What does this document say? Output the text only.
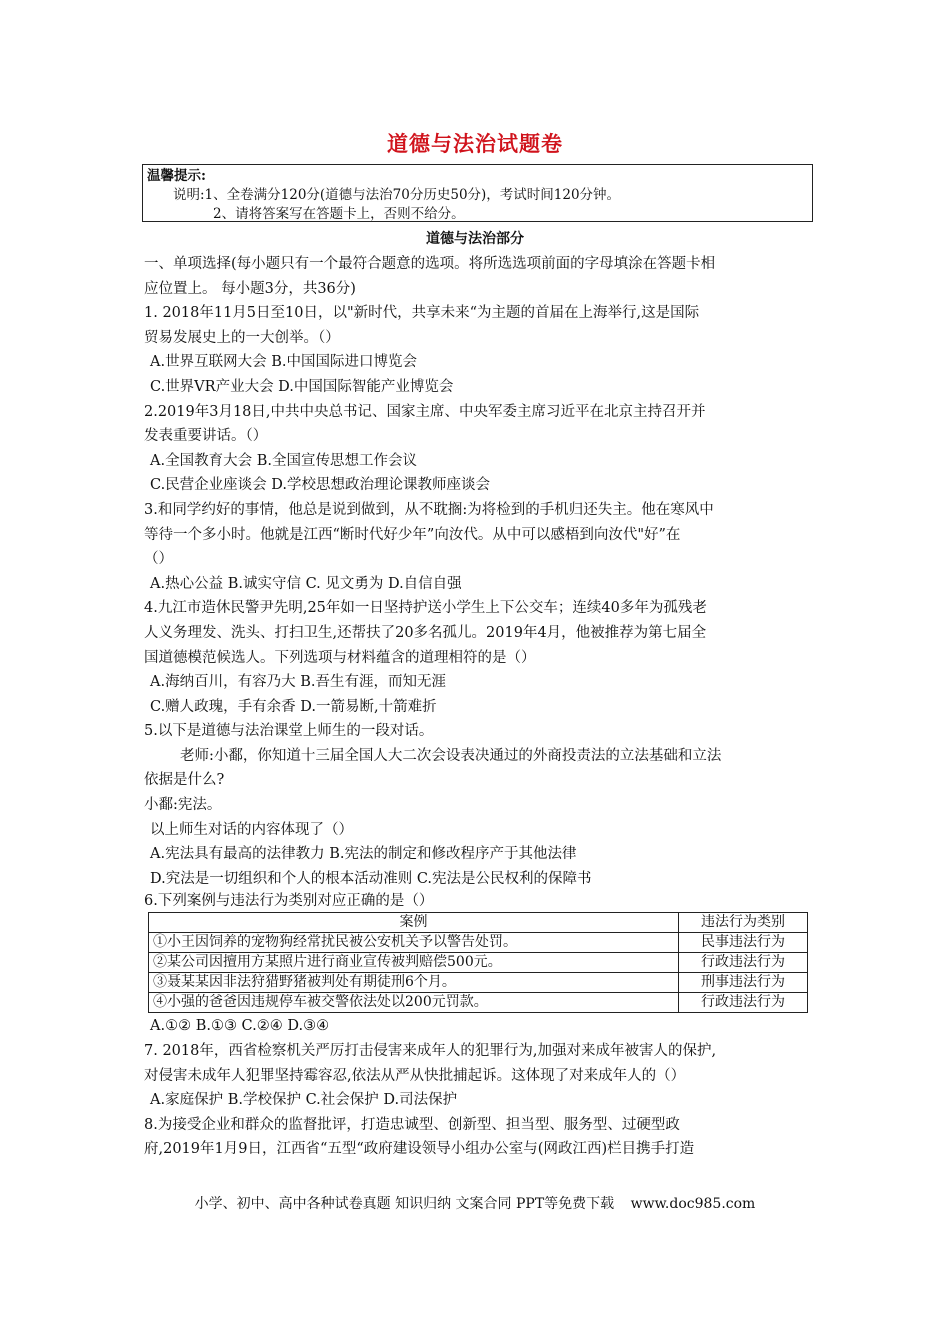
道德与法治试题卷
温馨提示:
说明:1、全卷满分120分(道德与法治70分历史50分)，考试时间120分钟。
2、请将答案写在答题卡上，否则不给分。
道德与法治部分

一、单项选择(每小题只有一个最符合题意的选项。将所选选项前面的字母填涂在答题卡相

应位置上。 每小题3分，共36分)

1. 2018年11月5日至10日，以"新时代，共享未来“为主题的首届在上海举行,这是国际

贸易发展史上的一大创举。（）

A.世界互联网大会 B.中国国际进口博览会

C.世界VR产业大会 D.中国国际智能产业博览会

2.2019年3月18日,中共中央总书记、国家主席、中央军委主席习近平在北京主持召开并

发表重要讲话。（）

A.全国教育大会 B.全国宣传思想工作会议

C.民营企业座谈会 D.学校思想政治理论课教师座谈会

3.和同学约好的事情，他总是说到做到，从不耽搁:为将检到的手机归还失主。他在寒风中

等待一个多小时。他就是江西“断时代好少年”向汝代。从中可以感梧到向汝代"好”在

（）

A.热心公益 B.诚实守信 C. 见文勇为 D.自信自强

4.九江市造休民警尹先明,25年如一日坚持护送小学生上下公交车；连续40多年为孤残老

人义务理发、洗头、打扫卫生,还帮扶了20多名孤儿。2019年4月，他被推荐为第七届全

国道德模范候选人。下列选项与材料蕴含的道理相符的是（）

A.海纳百川，有容乃大 B.吾生有涯，而知无涯

C.赠人政瑰，手有余香 D.一箭易断,十箭难折

5.以下是道德与法治课堂上师生的一段对话。

老师:小鄱，你知道十三届全国人大二次会设表决通过的外商投责法的立法基础和立法

依据是什么?

小鄱:宪法。

以上师生对话的内容体现了（）

A.宪法具有最高的法律教力 B.宪法的制定和修改程序产于其他法律

D.究法是一切组织和个人的根本活动准则 C.宪法是公民权利的保障书

6.下列案例与违法行为类别对应正确的是（）

案例	违法行为类别
①小王因饲养的宠物狗经常扰民被公安机关予以警告处罚。	民事违法行为
②某公司因擅用方某照片进行商业宣传被判赔偿500元。	行政违法行为
③聂某某因非法狩猎野猪被判处有期徒刑6个月。	刑事违法行为
④小强的爸爸因违规停车被交警依法处以200元罚款。	行政违法行为

A.①② B.①③ C.②④ D.③④

7. 2018年，西省检察机关严厉打击侵害来成年人的犯罪行为,加强对来成年被害人的保护,

对侵害未成年人犯罪坚持霉容忍,依法从严从快批捕起诉。这体现了对来成年人的（）

A.家庭保护 B.学校保护 C.社会保护 D.司法保护

8.为接受企业和群众的监督批评，打造忠诚型、创新型、担当型、服务型、过硬型政

府,2019年1月9日，江西省“五型“政府建设领导小组办公室与(网政江西)栏目携手打造

小学、初中、高中各种试卷真题 知识归纳 文案合同 PPT等免费下载 www.doc985.com
